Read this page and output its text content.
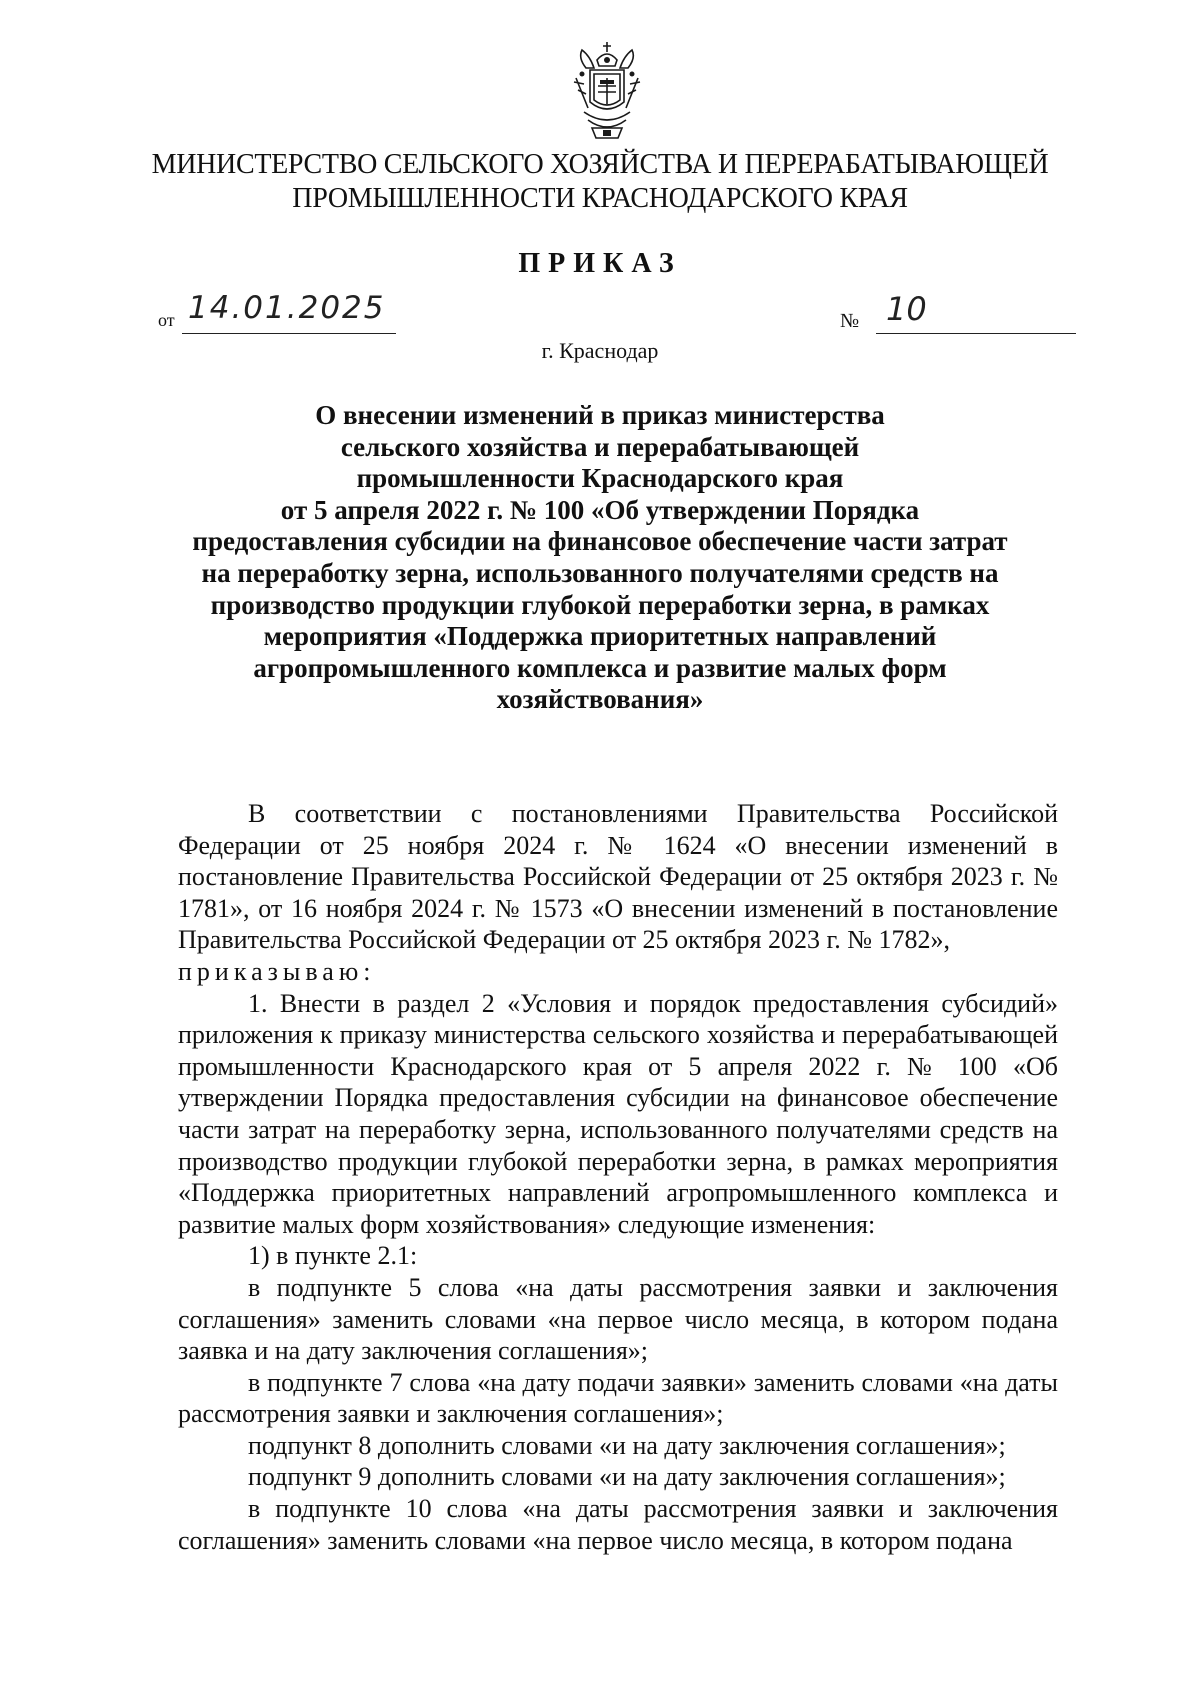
МИНИСТЕРСТВО СЕЛЬСКОГО ХОЗЯЙСТВА И ПЕРЕРАБАТЫВАЮЩЕЙ
ПРОМЫШЛЕННОСТИ КРАСНОДАРСКОГО КРАЯ
ПРИКАЗ
от 14.01.2025	№ 10
г. Краснодар
О внесении изменений в приказ министерства
сельского хозяйства и перерабатывающей
промышленности Краснодарского края
от 5 апреля 2022 г. № 100 «Об утверждении Порядка
предоставления субсидии на финансовое обеспечение части затрат
на переработку зерна, использованного получателями средств на
производство продукции глубокой переработки зерна, в рамках
мероприятия «Поддержка приоритетных направлений
агропромышленного комплекса и развитие малых форм
хозяйствования»

В соответствии с постановлениями Правительства Российской Федерации от 25 ноября 2024 г. № 1624 «О внесении изменений в постановление Правительства Российской Федерации от 25 октября 2023 г. № 1781», от 16 ноября 2024 г. № 1573 «О внесении изменений в постановление Правительства Российской Федерации от 25 октября 2023 г. № 1782»,

приказываю:

1. Внести в раздел 2 «Условия и порядок предоставления субсидий» приложения к приказу министерства сельского хозяйства и перерабатывающей промышленности Краснодарского края от 5 апреля 2022 г. № 100 «Об утверждении Порядка предоставления субсидии на финансовое обеспечение части затрат на переработку зерна, использованного получателями средств на производство продукции глубокой переработки зерна, в рамках мероприятия «Поддержка приоритетных направлений агропромышленного комплекса и развитие малых форм хозяйствования» следующие изменения:

1) в пункте 2.1:

в подпункте 5 слова «на даты рассмотрения заявки и заключения соглашения» заменить словами «на первое число месяца, в котором подана заявка и на дату заключения соглашения»;

в подпункте 7 слова «на дату подачи заявки» заменить словами «на даты рассмотрения заявки и заключения соглашения»;

подпункт 8 дополнить словами «и на дату заключения соглашения»;

подпункт 9 дополнить словами «и на дату заключения соглашения»;

в подпункте 10 слова «на даты рассмотрения заявки и заключения соглашения» заменить словами «на первое число месяца, в котором подана
